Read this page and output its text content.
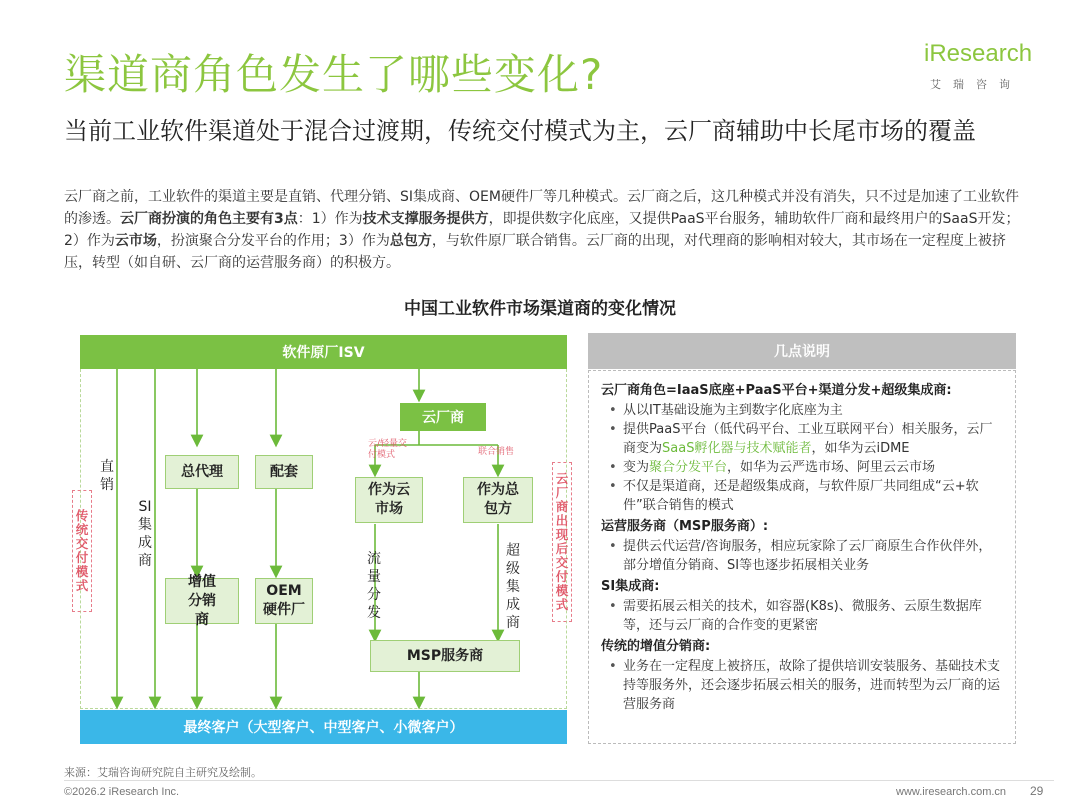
渠道商角色发生了哪些变化?	iResearch
艾瑞咨询
当前工业软件渠道处于混合过渡期，传统交付模式为主，云厂商辅助中长尾市场的覆盖
云厂商之前，工业软件的渠道主要是直销、代理分销、SI集成商、OEM硬件厂等几种模式。云厂商之后，这几种模式并没有消失，只不过是加速了工业软件的渗透。云厂商扮演的角色主要有3点：1）作为技术支撑服务提供方，即提供数字化底座，又提供PaaS平台服务，辅助软件厂商和最终用户的SaaS开发；2）作为云市场，扮演聚合分发平台的作用；3）作为总包方，与软件原厂联合销售。云厂商的出现，对代理商的影响相对较大，其市场在一定程度上被挤压，转型（如自研、云厂商的运营服务商）的积极方。
中国工业软件市场渠道商的变化情况
软件原厂ISV
最终客户（大型客户、中型客户、小微客户）
直销
SI集成商
传统交付模式
云厂商出现后交付模式
总代理	配套
增值分销商
OEM硬件厂
云厂商
云/轻量交付模式	联合销售
作为云市场
作为总包方
流量分发
超级集成商
MSP服务商
几点说明
云厂商角色=IaaS底座+PaaS平台+渠道分发+超级集成商:
• 从以IT基础设施为主到数字化底座为主
• 提供PaaS平台（低代码平台、工业互联网平台）相关服务，云厂商变为SaaS孵化器与技术赋能者，如华为云iDME
• 变为聚合分发平台，如华为云严选市场、阿里云云市场
• 不仅是渠道商，还是超级集成商，与软件原厂共同组成“云+软件”联合销售的模式
运营服务商（MSP服务商）:
• 提供云代运营/咨询服务，相应玩家除了云厂商原生合作伙伴外，部分增值分销商、SI等也逐步拓展相关业务
SI集成商:
• 需要拓展云相关的技术，如容器(K8s)、微服务、云原生数据库等，还与云厂商的合作变的更紧密
传统的增值分销商:
• 业务在一定程度上被挤压，故除了提供培训安装服务、基础技术支持等服务外，还会逐步拓展云相关的服务，进而转型为云厂商的运营服务商
来源：艾瑞咨询研究院自主研究及绘制。
©2026.2 iResearch Inc.	www.iresearch.com.cn 29
